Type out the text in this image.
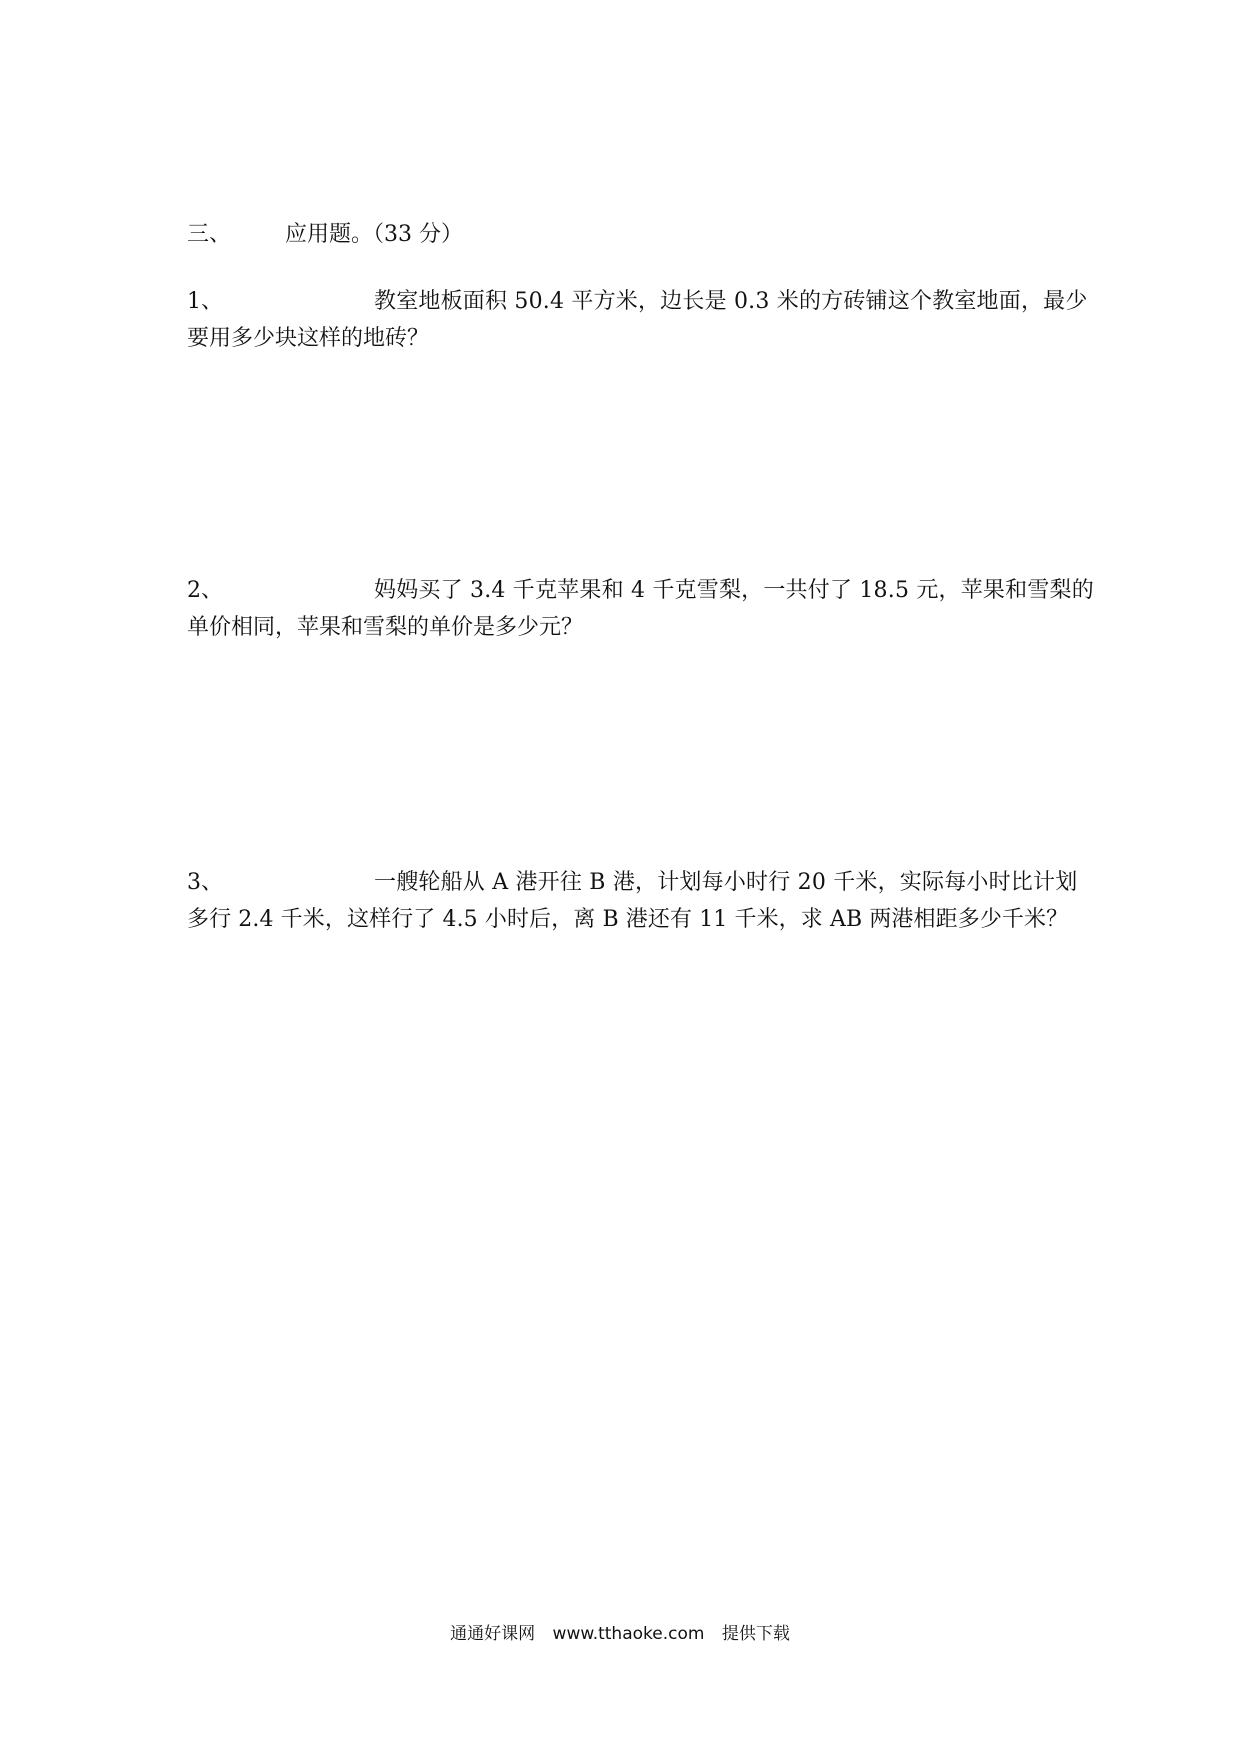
三、 应用题。（33 分）
1、	教室地板面积 50.4 平方米，边长是 0.3 米的方砖铺这个教室地面，最少
要用多少块这样的地砖？
2、	妈妈买了 3.4 千克苹果和 4 千克雪梨，一共付了 18.5 元，苹果和雪梨的
单价相同，苹果和雪梨的单价是多少元？
3、	一艘轮船从 A 港开往 B 港，计划每小时行 20 千米，实际每小时比计划
多行 2.4 千米，这样行了 4.5 小时后，离 B 港还有 11 千米，求 AB 两港相距多少千米？
通通好课网 www.tthaoke.com 提供下载
